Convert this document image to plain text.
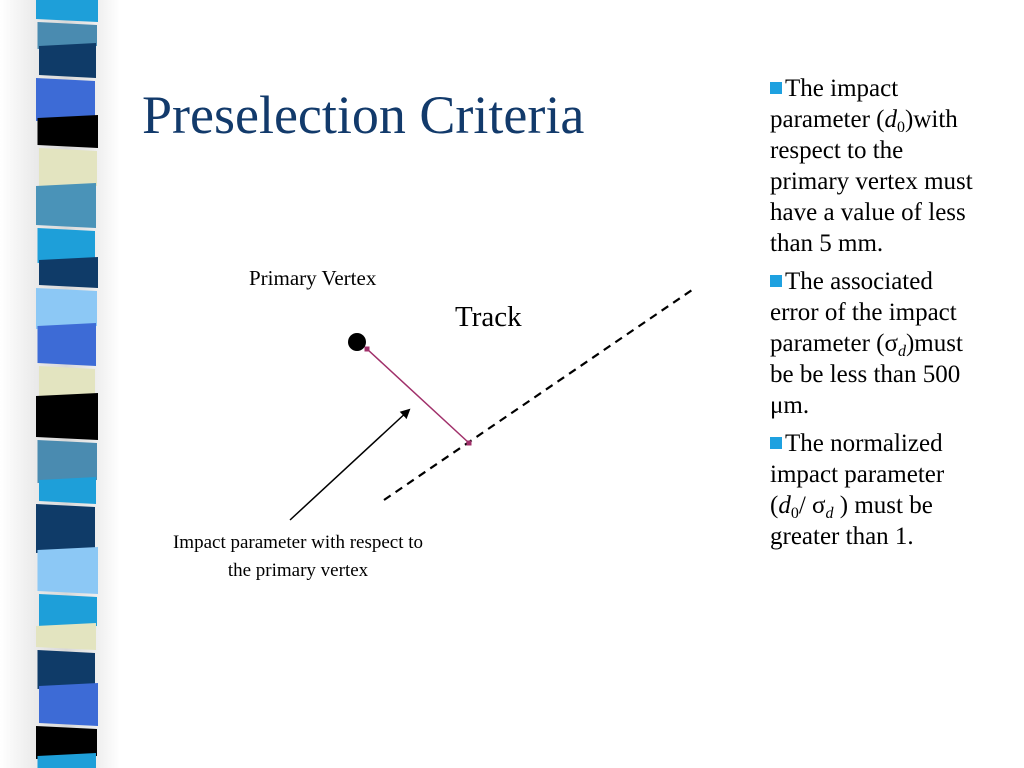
Preselection Criteria	The impact parameter $(d_0)with$ respect to the primary vertex must have a value of less than 5 mm.
The associated error of the impact parameter $(\sigma_d)must$ be be less than 500 μm.
The normalized impact parameter ($d_0/$ $\sigma_d$ ) must be greater than 1.
Primary Vertex
Track
Impact parameter with respect to the primary vertex
